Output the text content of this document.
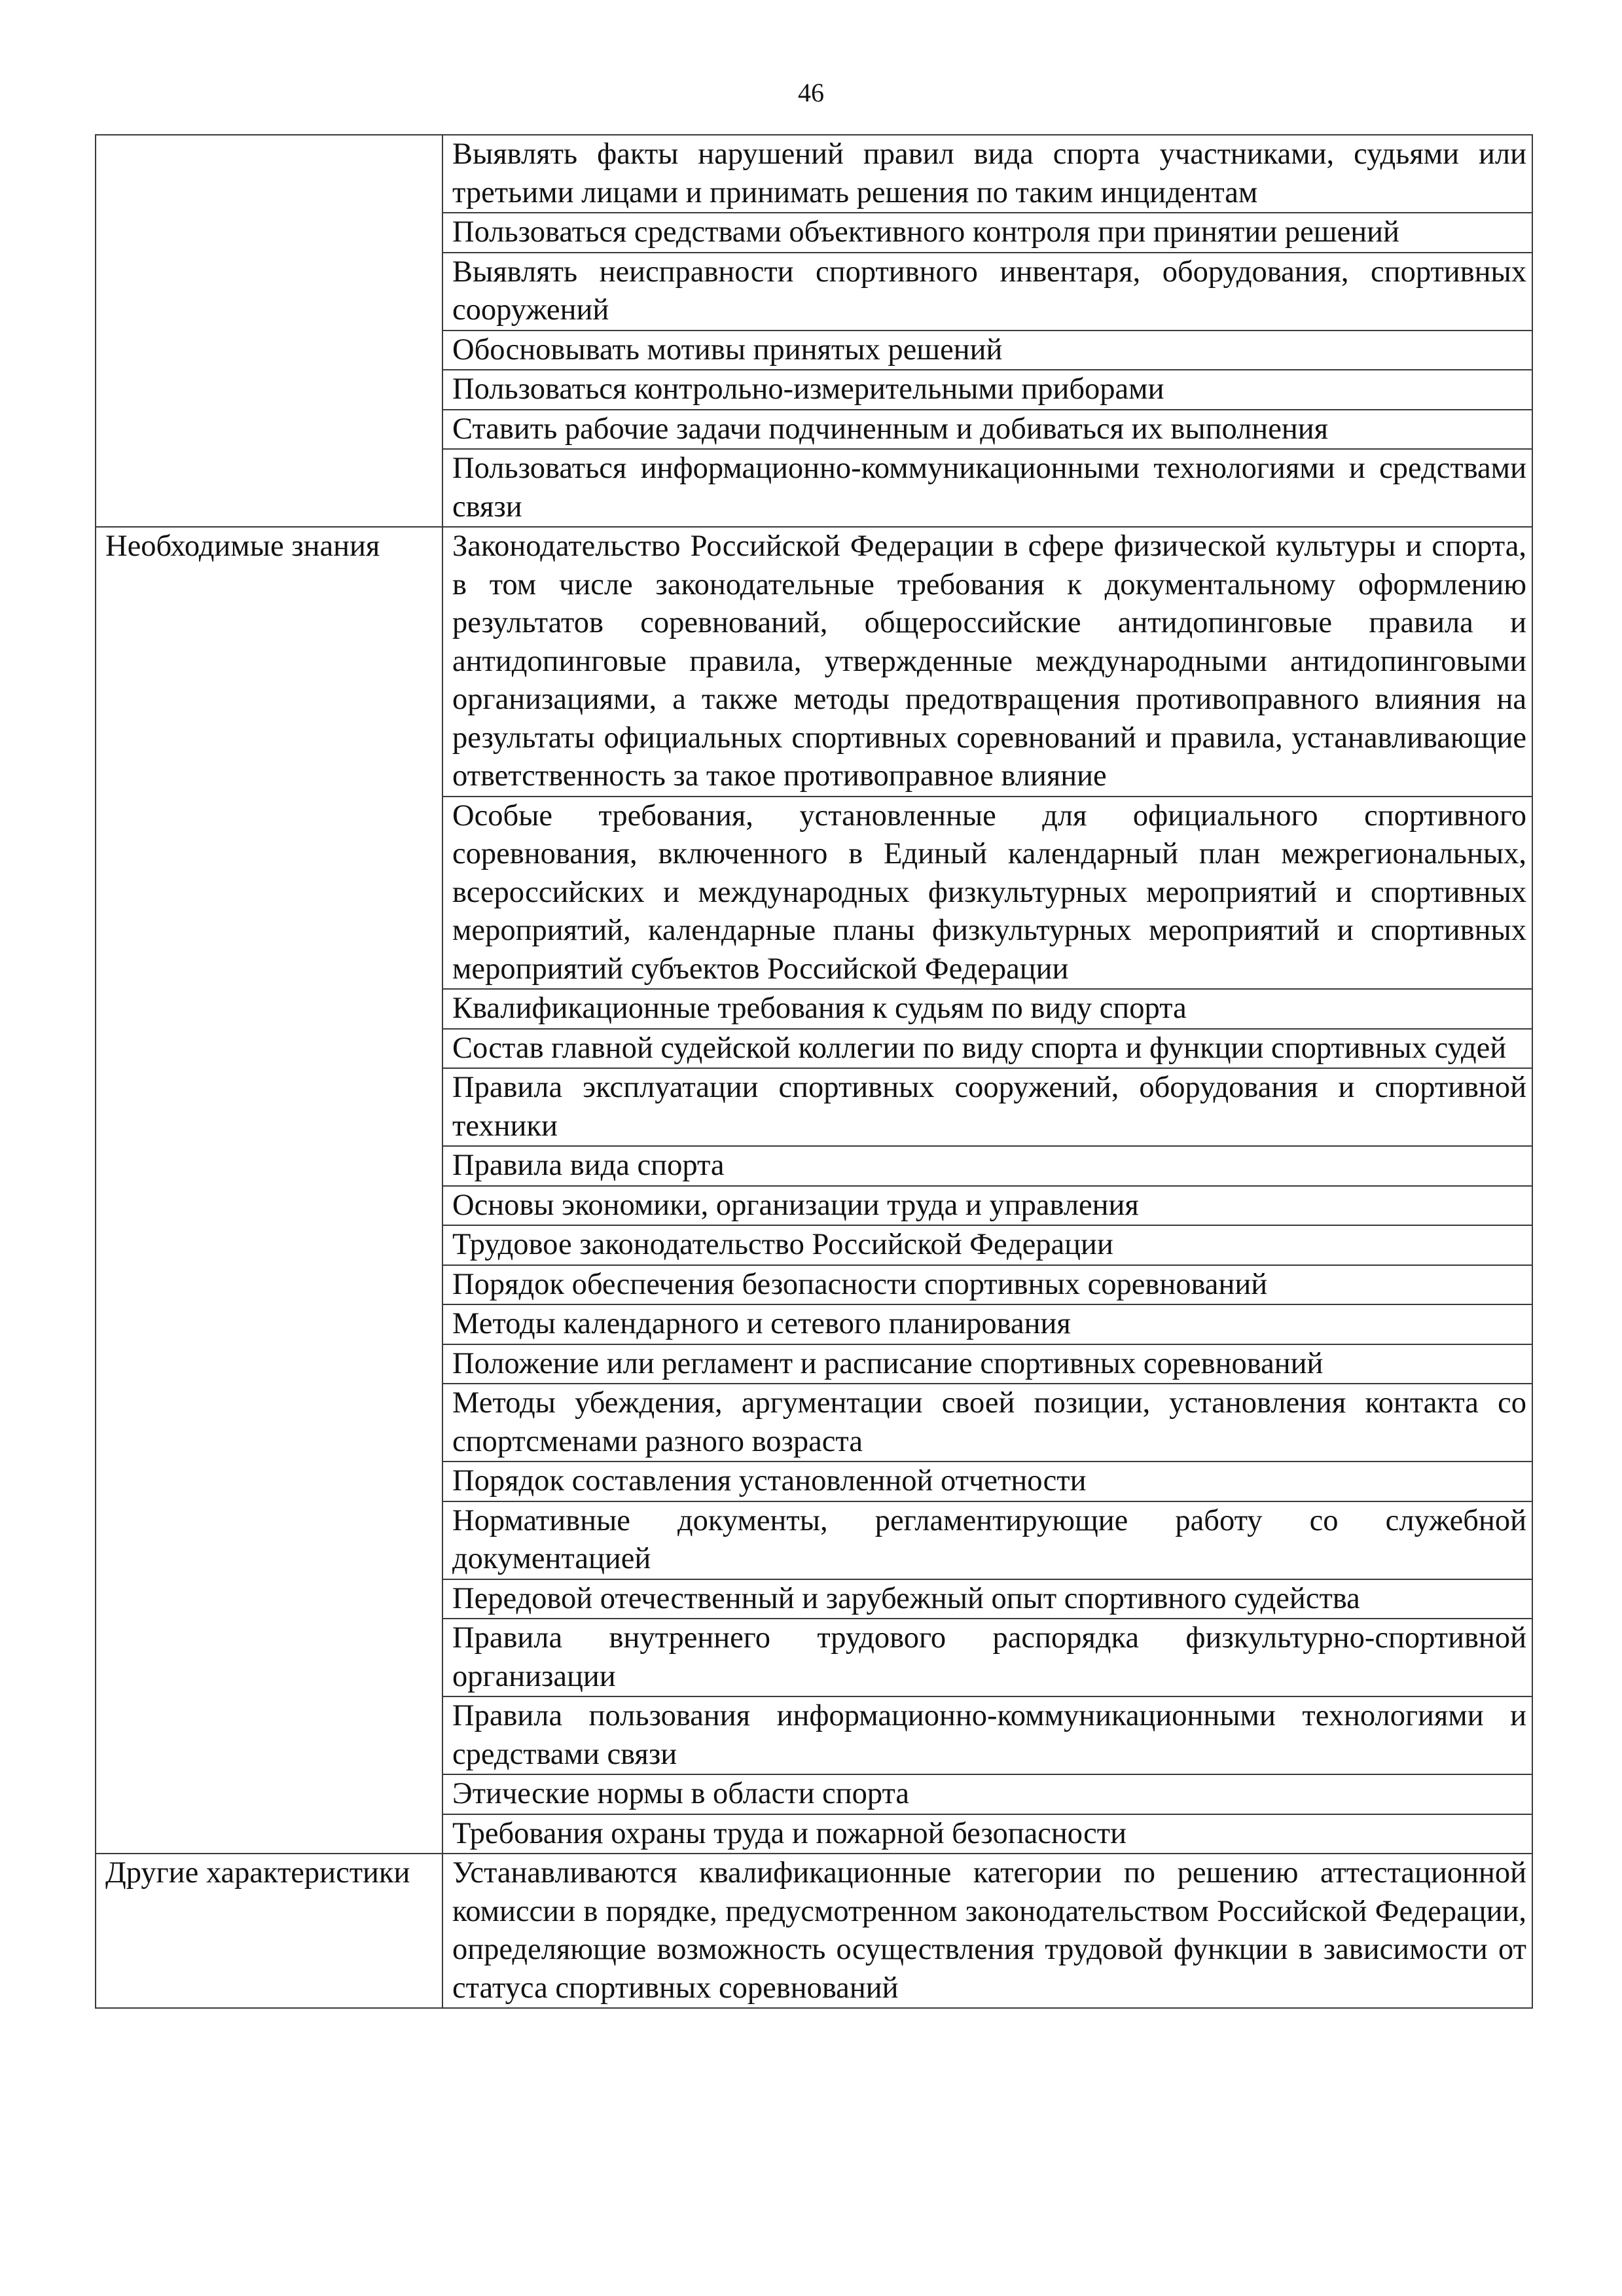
46
	Выявлять факты нарушений правил вида спорта участниками, судьями или третьими лицами и принимать решения по таким инцидентам
	Пользоваться средствами объективного контроля при принятии решений
	Выявлять неисправности спортивного инвентаря, оборудования, спортивных сооружений
	Обосновывать мотивы принятых решений
	Пользоваться контрольно-измерительными приборами
	Ставить рабочие задачи подчиненным и добиваться их выполнения
	Пользоваться информационно-коммуникационными технологиями и средствами связи
Необходимые знания	Законодательство Российской Федерации в сфере физической культуры и спорта, в том числе законодательные требования к документальному оформлению результатов соревнований, общероссийские антидопинговые правила и антидопинговые правила, утвержденные международными антидопинговыми организациями, а также методы предотвращения противоправного влияния на результаты официальных спортивных соревнований и правила, устанавливающие ответственность за такое противоправное влияние
	Особые требования, установленные для официального спортивного соревнования, включенного в Единый календарный план межрегиональных, всероссийских и международных физкультурных мероприятий и спортивных мероприятий, календарные планы физкультурных мероприятий и спортивных мероприятий субъектов Российской Федерации
	Квалификационные требования к судьям по виду спорта
	Состав главной судейской коллегии по виду спорта и функции спортивных судей
	Правила эксплуатации спортивных сооружений, оборудования и спортивной техники
	Правила вида спорта
	Основы экономики, организации труда и управления
	Трудовое законодательство Российской Федерации
	Порядок обеспечения безопасности спортивных соревнований
	Методы календарного и сетевого планирования
	Положение или регламент и расписание спортивных соревнований
	Методы убеждения, аргументации своей позиции, установления контакта со спортсменами разного возраста
	Порядок составления установленной отчетности
	Нормативные документы, регламентирующие работу со служебной документацией
	Передовой отечественный и зарубежный опыт спортивного судейства
	Правила внутреннего трудового распорядка физкультурно-спортивной организации
	Правила пользования информационно-коммуникационными технологиями и средствами связи
	Этические нормы в области спорта
	Требования охраны труда и пожарной безопасности
Другие характеристики	Устанавливаются квалификационные категории по решению аттестационной комиссии в порядке, предусмотренном законодательством Российской Федерации, определяющие возможность осуществления трудовой функции в зависимости от статуса спортивных соревнований
